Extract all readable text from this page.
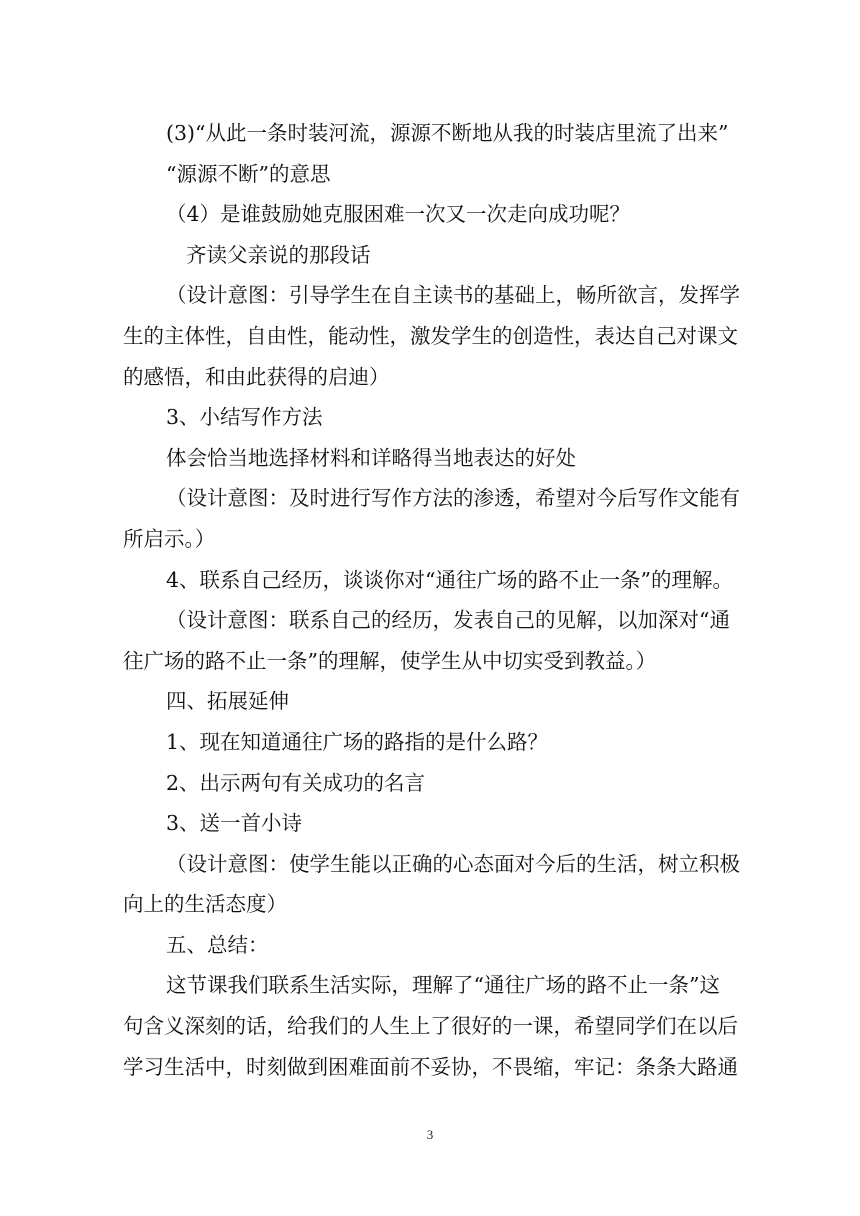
(3)“从此一条时装河流，源源不断地从我的时装店里流了出来”

“源源不断”的意思

（4）是谁鼓励她克服困难一次又一次走向成功呢？

齐读父亲说的那段话

（设计意图：引导学生在自主读书的基础上，畅所欲言，发挥学

生的主体性，自由性，能动性，激发学生的创造性，表达自己对课文

的感悟，和由此获得的启迪）

3、小结写作方法

体会恰当地选择材料和详略得当地表达的好处

（设计意图：及时进行写作方法的渗透，希望对今后写作文能有

所启示。）

4、联系自己经历，谈谈你对“通往广场的路不止一条”的理解。

（设计意图：联系自己的经历，发表自己的见解，以加深对“通

往广场的路不止一条”的理解，使学生从中切实受到教益。）

四、拓展延伸

1、现在知道通往广场的路指的是什么路？

2、出示两句有关成功的名言

3、送一首小诗

（设计意图：使学生能以正确的心态面对今后的生活，树立积极

向上的生活态度）

五、总结：

这节课我们联系生活实际，理解了“通往广场的路不止一条”这

句含义深刻的话，给我们的人生上了很好的一课，希望同学们在以后

学习生活中，时刻做到困难面前不妥协，不畏缩，牢记：条条大路通

3
